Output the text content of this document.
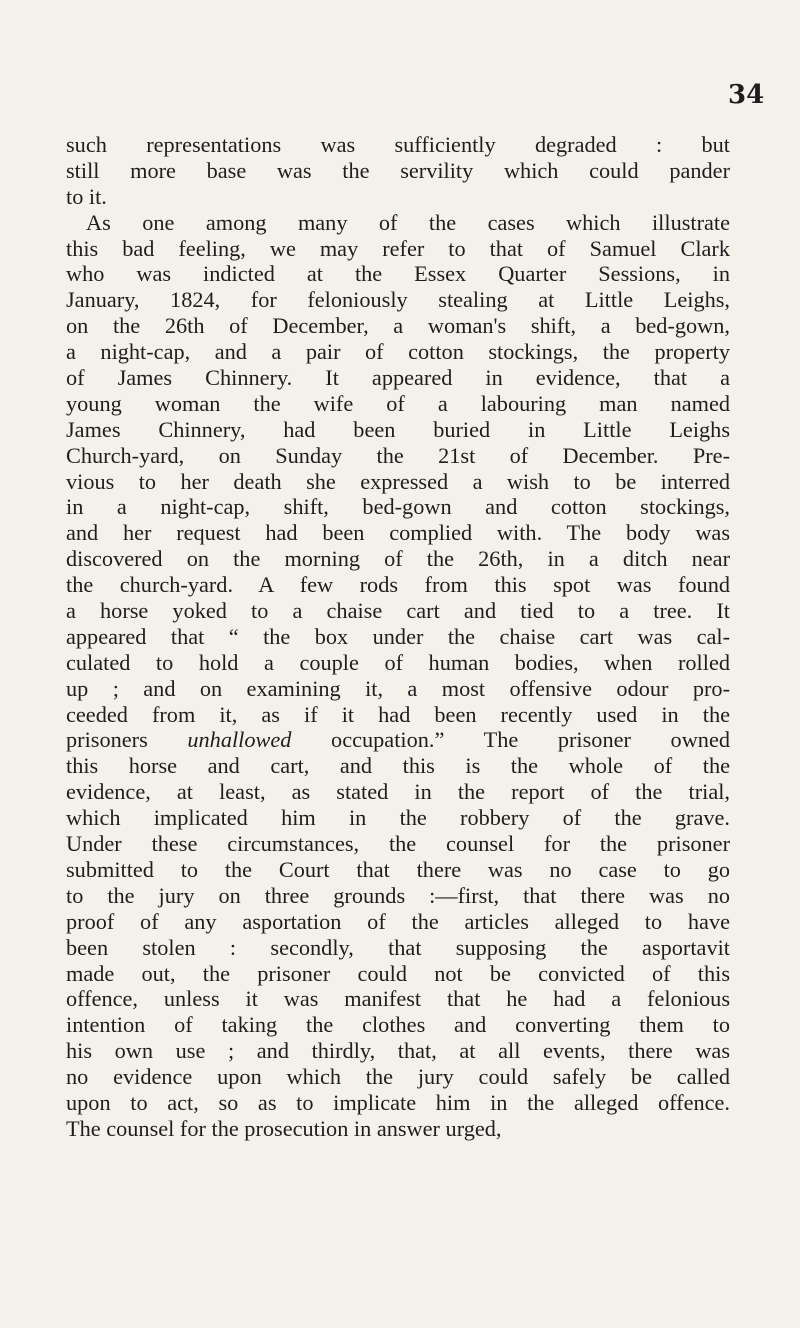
34
such representations was sufficiently degraded : but
still more base was the servility which could pander
to it.
As one among many of the cases which illustrate
this bad feeling, we may refer to that of Samuel Clark
who was indicted at the Essex Quarter Sessions, in
January, 1824, for feloniously stealing at Little Leighs,
on the 26th of December, a woman's shift, a bed-gown,
a night-cap, and a pair of cotton stockings, the property
of James Chinnery. It appeared in evidence, that a
young woman the wife of a labouring man named
James Chinnery, had been buried in Little Leighs
Church-yard, on Sunday the 21st of December. Pre-
vious to her death she expressed a wish to be interred
in a night-cap, shift, bed-gown and cotton stockings,
and her request had been complied with. The body was
discovered on the morning of the 26th, in a ditch near
the church-yard. A few rods from this spot was found
a horse yoked to a chaise cart and tied to a tree. It
appeared that “ the box under the chaise cart was cal-
culated to hold a couple of human bodies, when rolled
up ; and on examining it, a most offensive odour pro-
ceeded from it, as if it had been recently used in the
prisoners unhallowed occupation.” The prisoner owned
this horse and cart, and this is the whole of the
evidence, at least, as stated in the report of the trial,
which implicated him in the robbery of the grave.
Under these circumstances, the counsel for the prisoner
submitted to the Court that there was no case to go
to the jury on three grounds :—first, that there was no
proof of any asportation of the articles alleged to have
been stolen : secondly, that supposing the asportavit
made out, the prisoner could not be convicted of this
offence, unless it was manifest that he had a felonious
intention of taking the clothes and converting them to
his own use ; and thirdly, that, at all events, there was
no evidence upon which the jury could safely be called
upon to act, so as to implicate him in the alleged offence.
The counsel for the prosecution in answer urged,
